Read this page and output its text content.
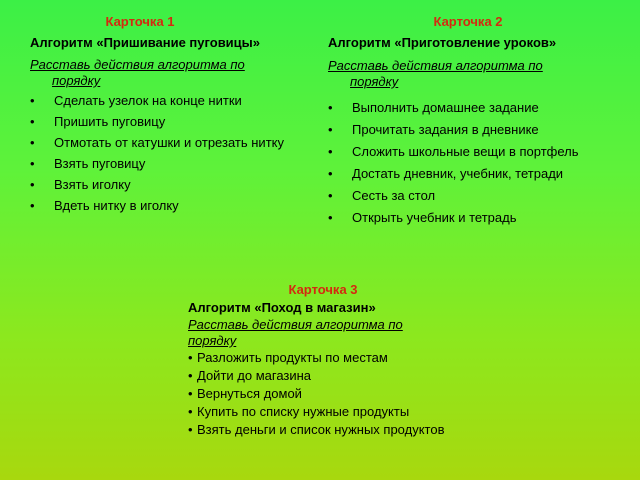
Карточка 1
Алгоритм «Пришивание пуговицы»
Расставь действия алгоритма по
порядку
• Сделать узелок на конце нитки
• Пришить пуговицу
• Отмотать от катушки и отрезать нитку
• Взять пуговицу
• Взять иголку
• Вдеть нитку в иголку
Карточка 2
Алгоритм «Приготовление уроков»
Расставь действия алгоритма по
порядку
• Выполнить домашнее задание
• Прочитать задания в дневнике
• Сложить школьные вещи в портфель
• Достать дневник, учебник, тетради
• Сесть за стол
• Открыть учебник и тетрадь
Карточка 3
Алгоритм «Поход в магазин»
Расставь действия алгоритма по
порядку
• Разложить продукты по местам
• Дойти до магазина
• Вернуться домой
• Купить по списку нужные продукты
• Взять деньги и список нужных продуктов
